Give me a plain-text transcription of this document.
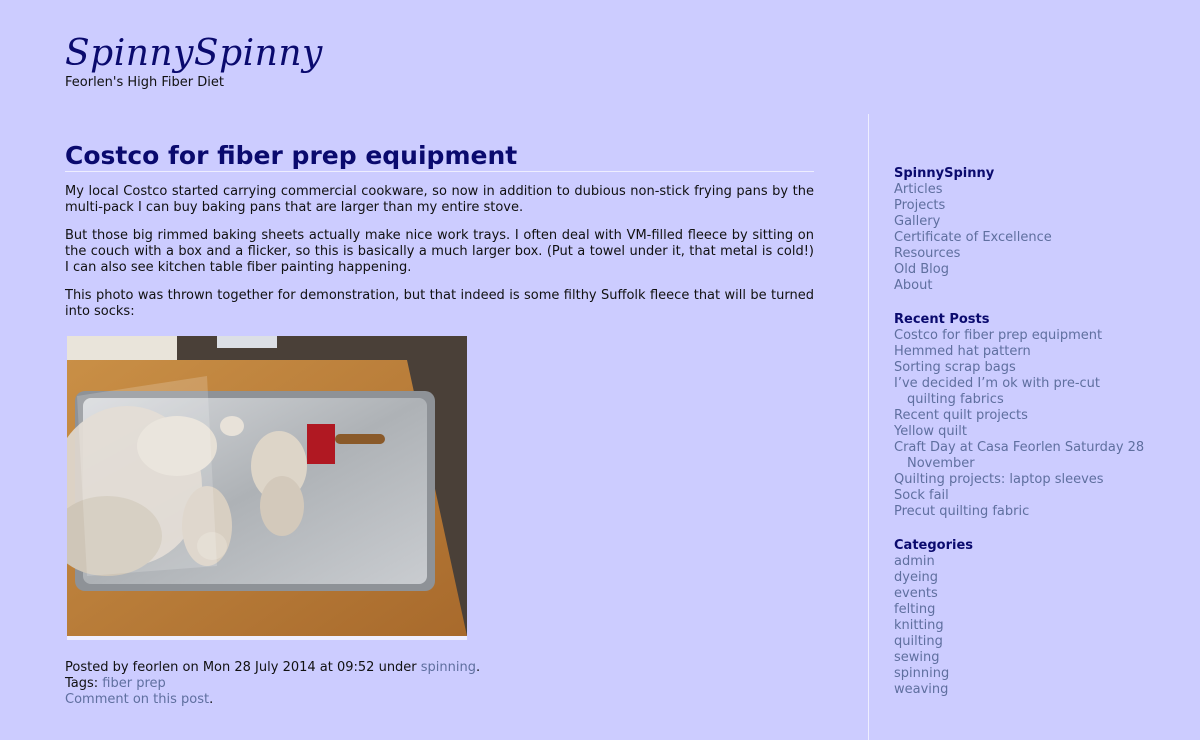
SpinnySpinny
Feorlen's High Fiber Diet
Costco for fiber prep equipment

My local Costco started carrying commercial cookware, so now in addition to dubious non-stick frying pans by the multi-pack I can buy baking pans that are larger than my entire stove.

But those big rimmed baking sheets actually make nice work trays. I often deal with VM-filled fleece by sitting on the couch with a box and a flicker, so this is basically a much larger box. (Put a towel under it, that metal is cold!) I can also see kitchen table fiber painting happening.

This photo was thrown together for demonstration, but that indeed is some filthy Suffolk fleece that will be turned into socks:

Posted by feorlen on Mon 28 July 2014 at 09:52 under spinning.
Tags: fiber prep
Comment on this post.
SpinnySpinny
Articles
Projects
Gallery
Certificate of Excellence
Resources
Old Blog
About
Recent Posts
Costco for fiber prep equipment
Hemmed hat pattern
Sorting scrap bags
I’ve decided I’m ok with pre-cut quilting fabrics
Recent quilt projects
Yellow quilt
Craft Day at Casa Feorlen Saturday 28 November
Quilting projects: laptop sleeves
Sock fail
Precut quilting fabric
Categories
admin
dyeing
events
felting
knitting
quilting
sewing
spinning
weaving
